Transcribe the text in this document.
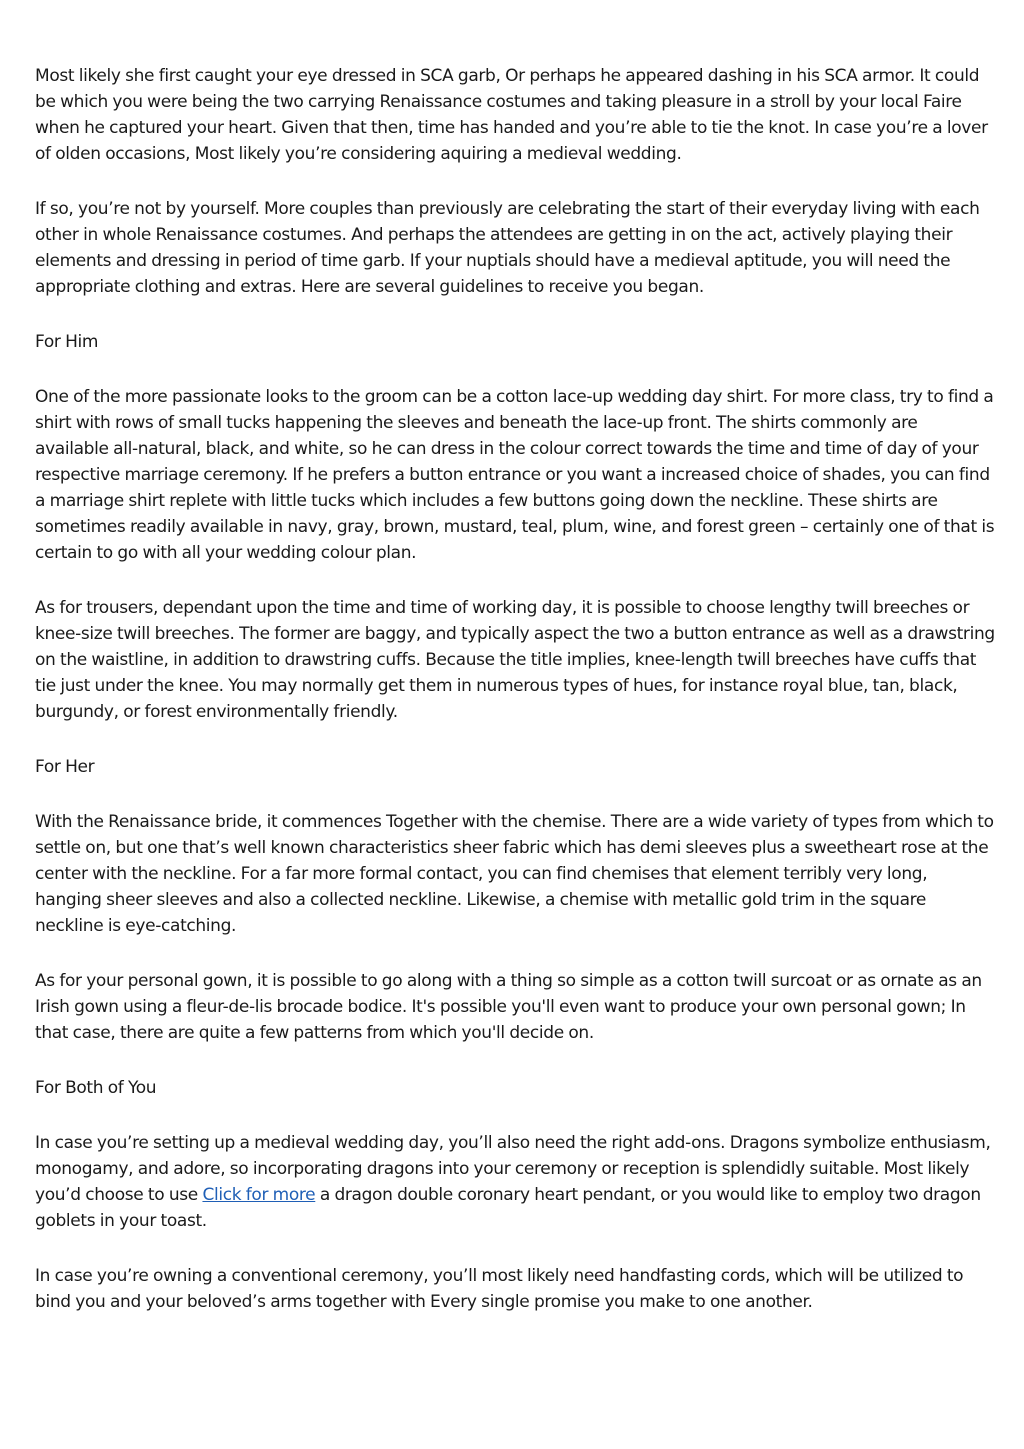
Most likely she first caught your eye dressed in SCA garb, Or perhaps he appeared dashing in his SCA armor. It could be which you were being the two carrying Renaissance costumes and taking pleasure in a stroll by your local Faire when he captured your heart. Given that then, time has handed and you’re able to tie the knot. In case you’re a lover of olden occasions, Most likely you’re considering aquiring a medieval wedding.

If so, you’re not by yourself. More couples than previously are celebrating the start of their everyday living with each other in whole Renaissance costumes. And perhaps the attendees are getting in on the act, actively playing their elements and dressing in period of time garb. If your nuptials should have a medieval aptitude, you will need the appropriate clothing and extras. Here are several guidelines to receive you began.

For Him

One of the more passionate looks to the groom can be a cotton lace-up wedding day shirt. For more class, try to find a shirt with rows of small tucks happening the sleeves and beneath the lace-up front. The shirts commonly are available all-natural, black, and white, so he can dress in the colour correct towards the time and time of day of your respective marriage ceremony. If he prefers a button entrance or you want a increased choice of shades, you can find a marriage shirt replete with little tucks which includes a few buttons going down the neckline. These shirts are sometimes readily available in navy, gray, brown, mustard, teal, plum, wine, and forest green – certainly one of that is certain to go with all your wedding colour plan.

As for trousers, dependant upon the time and time of working day, it is possible to choose lengthy twill breeches or knee-size twill breeches. The former are baggy, and typically aspect the two a button entrance as well as a drawstring on the waistline, in addition to drawstring cuffs. Because the title implies, knee-length twill breeches have cuffs that tie just under the knee. You may normally get them in numerous types of hues, for instance royal blue, tan, black, burgundy, or forest environmentally friendly.

For Her

With the Renaissance bride, it commences Together with the chemise. There are a wide variety of types from which to settle on, but one that’s well known characteristics sheer fabric which has demi sleeves plus a sweetheart rose at the center with the neckline. For a far more formal contact, you can find chemises that element terribly very long, hanging sheer sleeves and also a collected neckline. Likewise, a chemise with metallic gold trim in the square neckline is eye-catching.

As for your personal gown, it is possible to go along with a thing so simple as a cotton twill surcoat or as ornate as an Irish gown using a fleur-de-lis brocade bodice. It's possible you'll even want to produce your own personal gown; In that case, there are quite a few patterns from which you'll decide on.

For Both of You

In case you’re setting up a medieval wedding day, you’ll also need the right add-ons. Dragons symbolize enthusiasm, monogamy, and adore, so incorporating dragons into your ceremony or reception is splendidly suitable. Most likely you’d choose to use Click for more a dragon double coronary heart pendant, or you would like to employ two dragon goblets in your toast.

In case you’re owning a conventional ceremony, you’ll most likely need handfasting cords, which will be utilized to bind you and your beloved’s arms together with Every single promise you make to one another.
